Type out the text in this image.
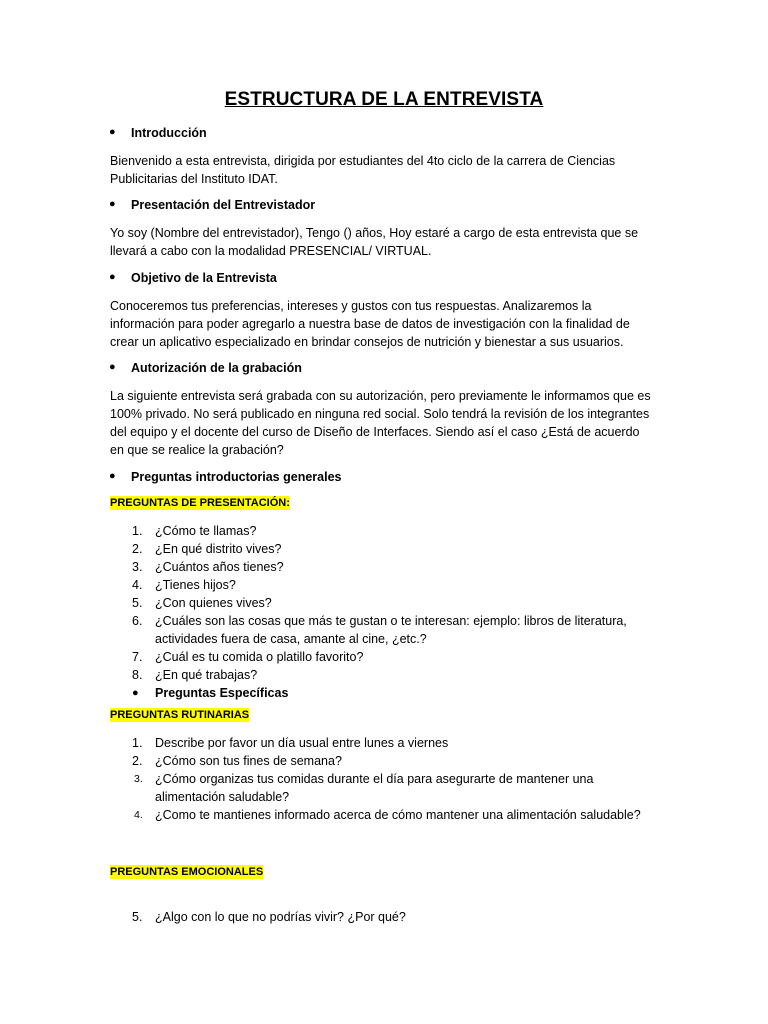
ESTRUCTURA DE LA ENTREVISTA
● Introducción
Bienvenido a esta entrevista, dirigida por estudiantes del 4to ciclo de la carrera de Ciencias Publicitarias del Instituto IDAT.
● Presentación del Entrevistador
Yo soy (Nombre del entrevistador), Tengo () años, Hoy estaré a cargo de esta entrevista que se llevará a cabo con la modalidad PRESENCIAL/ VIRTUAL.
● Objetivo de la Entrevista
Conoceremos tus preferencias, intereses y gustos con tus respuestas. Analizaremos la información para poder agregarlo a nuestra base de datos de investigación con la finalidad de crear un aplicativo especializado en brindar consejos de nutrición y bienestar a sus usuarios.
● Autorización de la grabación
La siguiente entrevista será grabada con su autorización, pero previamente le informamos que es 100% privado. No será publicado en ninguna red social. Solo tendrá la revisión de los integrantes del equipo y el docente del curso de Diseño de Interfaces. Siendo así el caso ¿Está de acuerdo en que se realice la grabación?
● Preguntas introductorias generales
PREGUNTAS DE PRESENTACIÓN:
1. ¿Cómo te llamas?
2. ¿En qué distrito vives?
3. ¿Cuántos años tienes?
4. ¿Tienes hijos?
5. ¿Con quienes vives?
6. ¿Cuáles son las cosas que más te gustan o te interesan: ejemplo: libros de literatura, actividades fuera de casa, amante al cine, ¿etc.?
7. ¿Cuál es tu comida o platillo favorito?
8. ¿En qué trabajas?
● Preguntas Específicas
PREGUNTAS RUTINARIAS
1. Describe por favor un día usual entre lunes a viernes
2. ¿Cómo son tus fines de semana?
3. ¿Cómo organizas tus comidas durante el día para asegurarte de mantener una alimentación saludable?
4. ¿Como te mantienes informado acerca de cómo mantener una alimentación saludable?
PREGUNTAS EMOCIONALES
5. ¿Algo con lo que no podrías vivir? ¿Por qué?
